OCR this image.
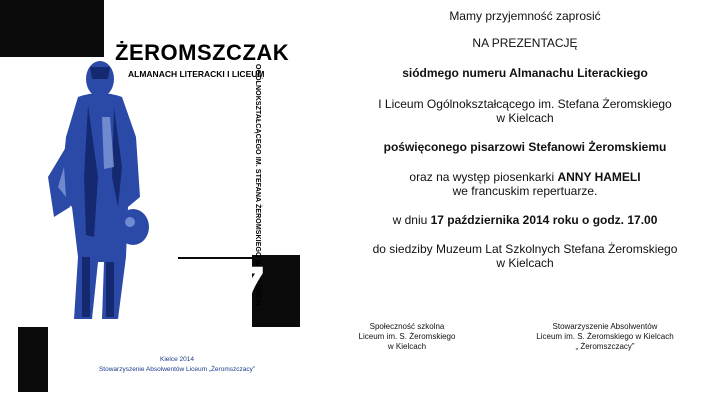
ŻEROMSZCZAK
ALMANACH LITERACKI I LICEUM
OGÓLNOKSZTAŁCĄCEGO IM. STEFANA ŻEROMSKIEGO W KIELCACH
7
Nr
Kielce 2014
Stowarzyszenie Absolwentów Liceum „Żeromszczacy”

Mamy przyjemność zaprosić

NA PREZENTACJĘ

siódmego numeru Almanachu Literackiego

I Liceum Ogólnokształcącego im. Stefana Żeromskiego
w Kielcach

poświęconego pisarzowi Stefanowi Żeromskiemu

oraz na występ piosenkarki ANNY HAMELI
we francuskim repertuarze.

w dniu 17 października 2014 roku o godz. 17.00

do siedziby Muzeum Lat Szkolnych Stefana Żeromskiego
w Kielcach

Społeczność szkolna
Liceum im. S. Żeromskiego
w Kielcach
Stowarzyszenie Absolwentów
Liceum im. S. Żeromskiego w Kielcach
„ Żeromszczacy”
